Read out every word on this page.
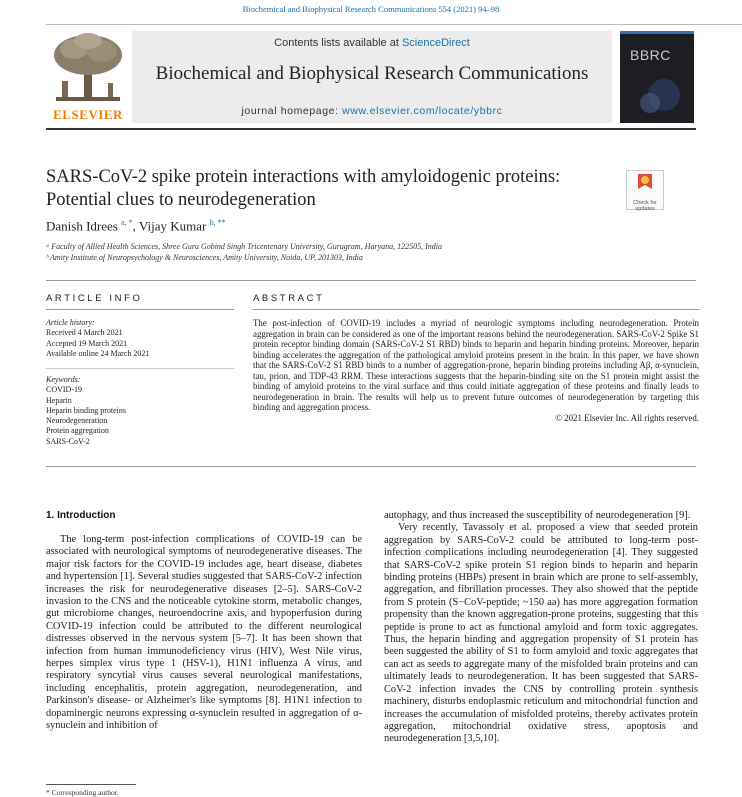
Biochemical and Biophysical Research Communications 554 (2021) 94–98
ELSEVIER
Contents lists available at ScienceDirect
Biochemical and Biophysical Research Communications
journal homepage: www.elsevier.com/locate/ybbrc
BBRC
SARS-CoV-2 spike protein interactions with amyloidogenic proteins:
Potential clues to neurodegeneration	Check for
updates
Danish Idrees $^{a, *}$, Vijay Kumar $^{b, **}$
ᵃ Faculty of Allied Health Sciences, Shree Guru Gobind Singh Tricentenary University, Gurugram, Haryana, 122505, India
ᵇ Amity Institute of Neuropsychology & Neurosciences, Amity University, Noida, UP, 201303, India
ARTICLE INFO	ABSTRACT
Article history:
Received 4 March 2021
Accepted 19 March 2021
Available online 24 March 2021
Keywords:
COVID-19
Heparin
Heparin binding proteins
Neurodegeneration
Protein aggregation
SARS-CoV-2
The post-infection of COVID-19 includes a myriad of neurologic symptoms including neurodegeneration. Protein aggregation in brain can be considered as one of the important reasons behind the neurodegeneration. SARS-CoV-2 Spike S1 protein receptor binding domain (SARS-CoV-2 S1 RBD) binds to heparin and heparin binding proteins. Moreover, heparin binding accelerates the aggregation of the pathological amyloid proteins present in the brain. In this paper, we have shown that the SARS-CoV-2 S1 RBD binds to a number of aggregation-prone, heparin binding proteins including Aβ, α-synuclein, tau, prion, and TDP-43 RRM. These interactions suggests that the heparin-binding site on the S1 protein might assist the binding of amyloid proteins to the viral surface and thus could initiate aggregation of these proteins and finally leads to neurodegeneration in brain. The results will help us to prevent future outcomes of neurodegeneration by targeting this binding and aggregation process.
© 2021 Elsevier Inc. All rights reserved.
1. Introduction

The long-term post-infection complications of COVID-19 can be associated with neurological symptoms of neurodegenerative diseases. The major risk factors for the COVID-19 includes age, heart disease, diabetes and hypertension [1]. Several studies suggested that SARS-CoV-2 infection increases the risk for neurodegenerative diseases [2–5]. SARS-CoV-2 invasion to the CNS and the noticeable cytokine storm, metabolic changes, gut microbiome changes, neuroendocrine axis, and hypoperfusion during COVID-19 infection could be attributed to the different neurological distresses observed in the nervous system [5–7]. It has been shown that infection from human immunodeficiency virus (HIV), West Nile virus, herpes simplex virus type 1 (HSV-1), H1N1 influenza A virus, and respiratory syncytial virus causes several neurological manifestations, including encephalitis, protein aggregation, neurodegeneration, and Parkinson's disease- or Alzheimer's like symptoms [8]. H1N1 infection to dopaminergic neurons expressing α-synuclein resulted in aggregation of α-synuclein and inhibition of

autophagy, and thus increased the susceptibility of neurodegeneration [9].

Very recently, Tavassoly et al. proposed a view that seeded protein aggregation by SARS-CoV-2 could be attributed to long-term post-infection complications including neurodegeneration [4]. They suggested that SARS-CoV-2 spike protein S1 region binds to heparin and heparin binding proteins (HBPs) present in brain which are prone to self-assembly, aggregation, and fibrillation processes. They also showed that the peptide from S protein (S−CoV-peptide; ~150 aa) has more aggregation formation propensity than the known aggregation-prone proteins, suggesting that this peptide is prone to act as functional amyloid and form toxic aggregates. Thus, the heparin binding and aggregation propensity of S1 protein has been suggested the ability of S1 to form amyloid and toxic aggregates that can act as seeds to aggregate many of the misfolded brain proteins and can ultimately leads to neurodegeneration. It has been suggested that SARS-CoV-2 infection invades the CNS by controlling protein synthesis machinery, disturbs endoplasmic reticulum and mitochondrial function and increases the accumulation of misfolded proteins, thereby activates protein aggregation, mitochondrial oxidative stress, apoptosis and neurodegeneration [3,5,10].

* Corresponding author.
